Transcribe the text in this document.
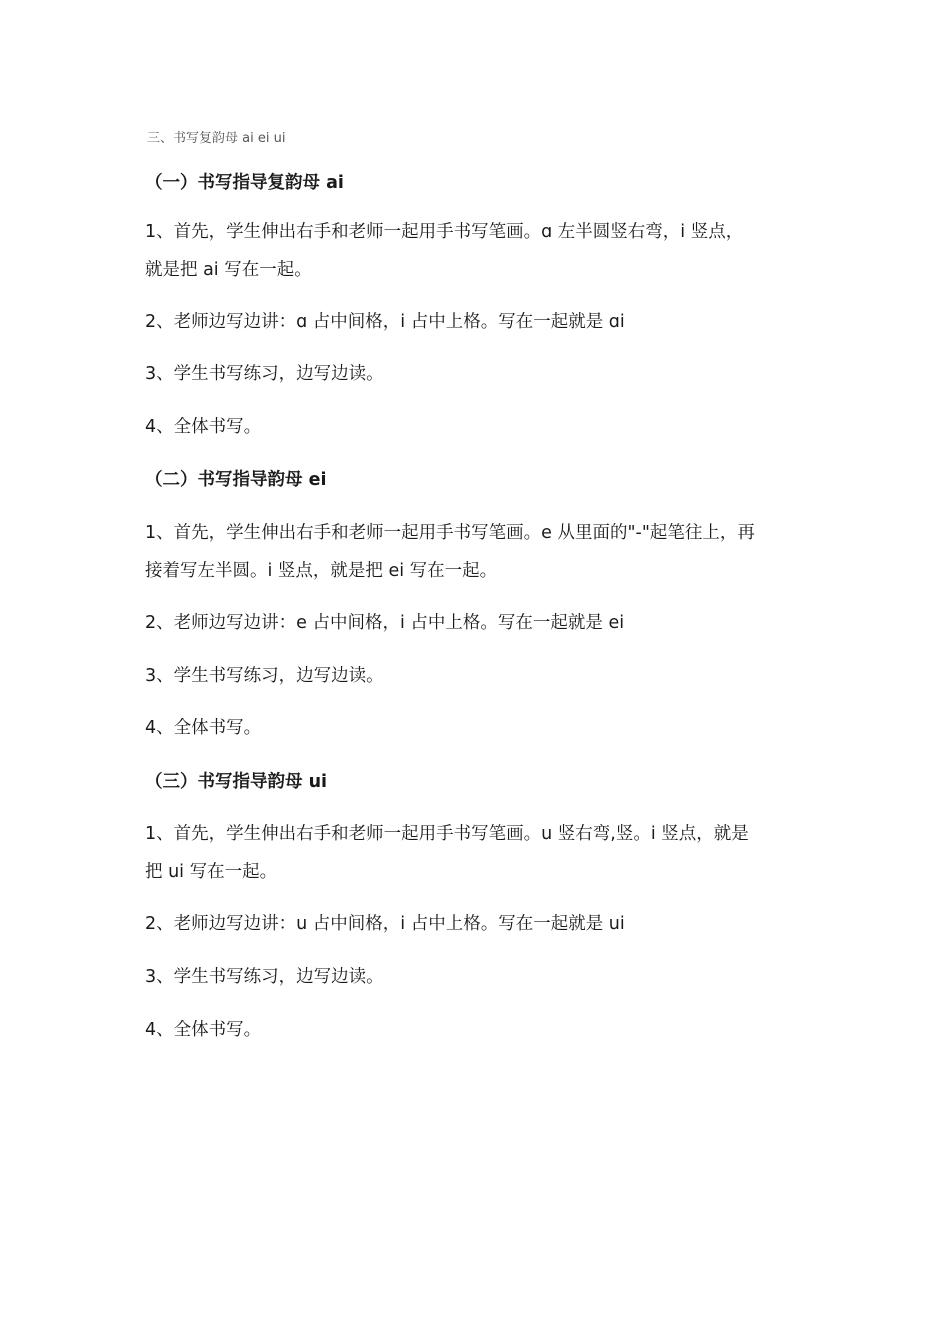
三、书写复韵母 ai ei ui
（一）书写指导复韵母 ai
1、首先，学生伸出右手和老师一起用手书写笔画。ɑ 左半圆竖右弯，i 竖点，
就是把 ai 写在一起。
2、老师边写边讲：ɑ 占中间格，i 占中上格。写在一起就是 ɑi
3、学生书写练习，边写边读。
4、全体书写。
（二）书写指导韵母 ei
1、首先，学生伸出右手和老师一起用手书写笔画。e 从里面的"-"起笔往上，再
接着写左半圆。i 竖点，就是把 ei 写在一起。
2、老师边写边讲：e 占中间格，i 占中上格。写在一起就是 ei
3、学生书写练习，边写边读。
4、全体书写。
（三）书写指导韵母 ui
1、首先，学生伸出右手和老师一起用手书写笔画。u 竖右弯,竖。i 竖点，就是
把 ui 写在一起。
2、老师边写边讲：u 占中间格，i 占中上格。写在一起就是 ui
3、学生书写练习，边写边读。
4、全体书写。
